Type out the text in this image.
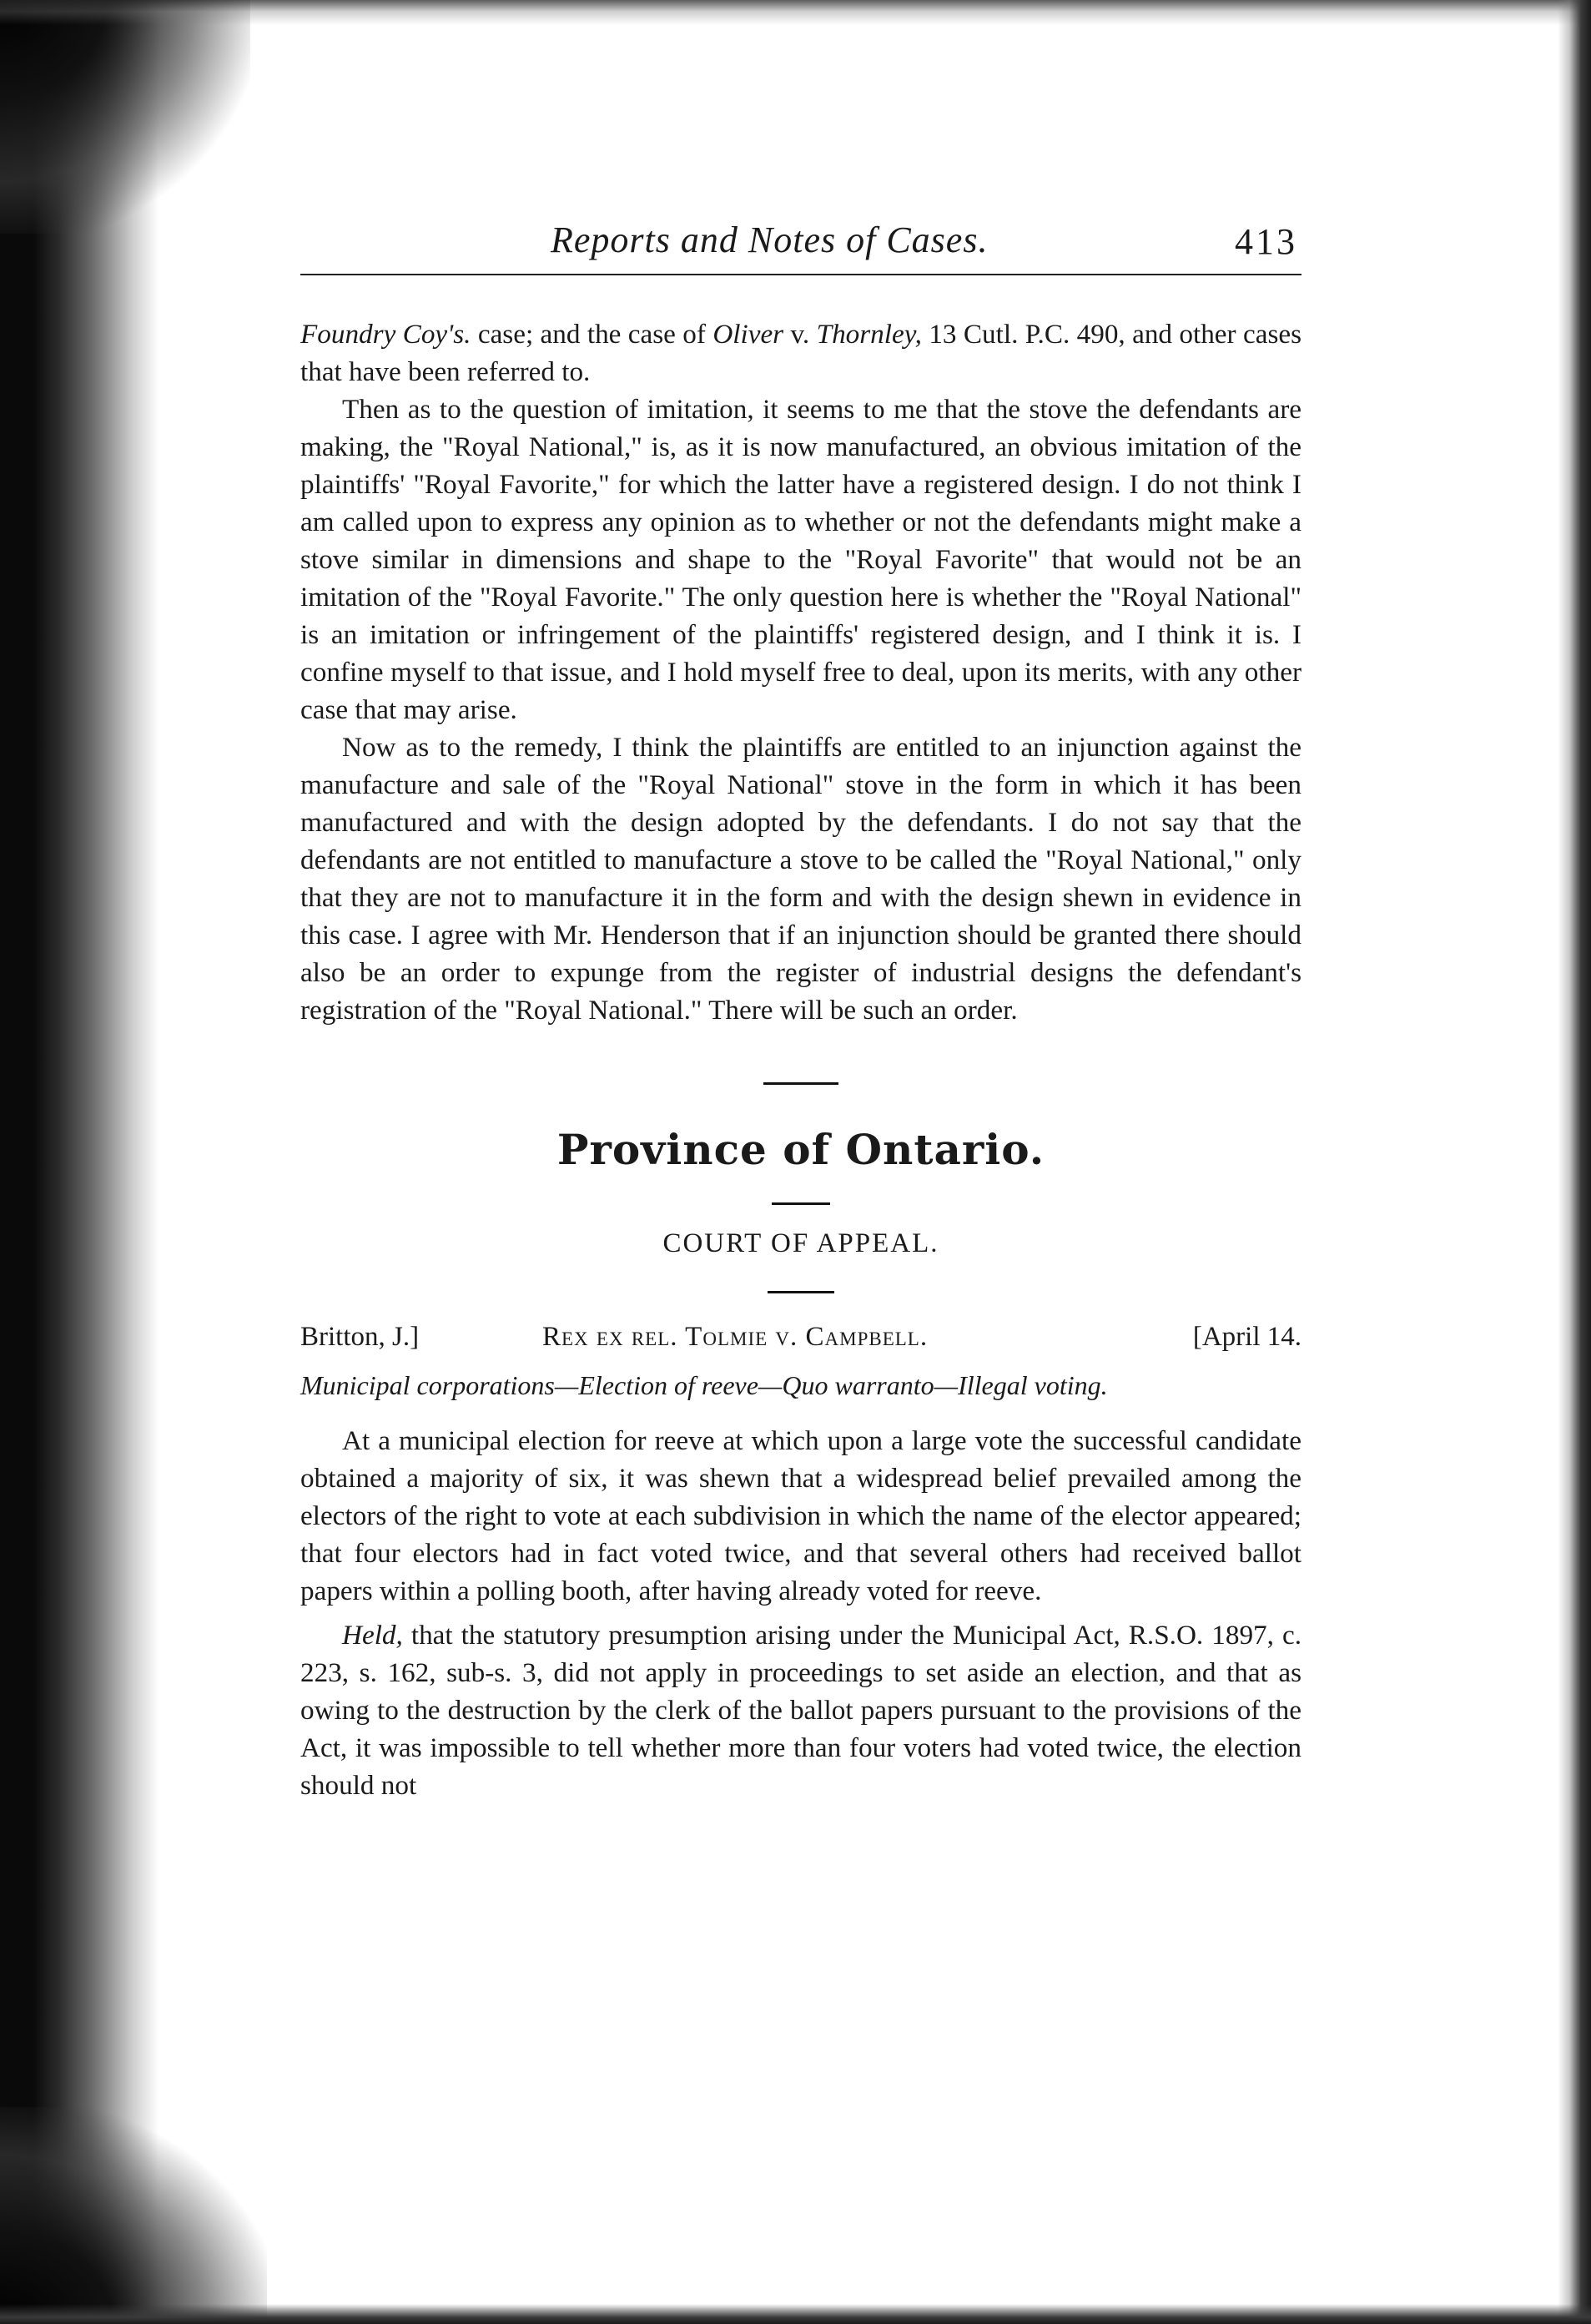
Reports and Notes of Cases.	413

Foundry Coy's. case; and the case of Oliver v. Thornley, 13 Cutl. P.C. 490, and other cases that have been referred to.

Then as to the question of imitation, it seems to me that the stove the defendants are making, the "Royal National," is, as it is now manufactured, an obvious imitation of the plaintiffs' "Royal Favorite," for which the latter have a registered design. I do not think I am called upon to express any opinion as to whether or not the defendants might make a stove similar in dimensions and shape to the "Royal Favorite" that would not be an imitation of the "Royal Favorite." The only question here is whether the "Royal National" is an imitation or infringement of the plaintiffs' registered design, and I think it is. I confine myself to that issue, and I hold myself free to deal, upon its merits, with any other case that may arise.

Now as to the remedy, I think the plaintiffs are entitled to an injunction against the manufacture and sale of the "Royal National" stove in the form in which it has been manufactured and with the design adopted by the defendants. I do not say that the defendants are not entitled to manufacture a stove to be called the "Royal National," only that they are not to manufacture it in the form and with the design shewn in evidence in this case. I agree with Mr. Henderson that if an injunction should be granted there should also be an order to expunge from the register of industrial designs the defendant's registration of the "Royal National." There will be such an order.

Province of Ontario.
COURT OF APPEAL.
Britton, J.]	Rex ex rel. Tolmie v. Campbell.	[April 14.
Municipal corporations—Election of reeve—Quo warranto—Illegal voting.

At a municipal election for reeve at which upon a large vote the successful candidate obtained a majority of six, it was shewn that a widespread belief prevailed among the electors of the right to vote at each subdivision in which the name of the elector appeared; that four electors had in fact voted twice, and that several others had received ballot papers within a polling booth, after having already voted for reeve.

Held, that the statutory presumption arising under the Municipal Act, R.S.O. 1897, c. 223, s. 162, sub-s. 3, did not apply in proceedings to set aside an election, and that as owing to the destruction by the clerk of the ballot papers pursuant to the provisions of the Act, it was impossible to tell whether more than four voters had voted twice, the election should not
